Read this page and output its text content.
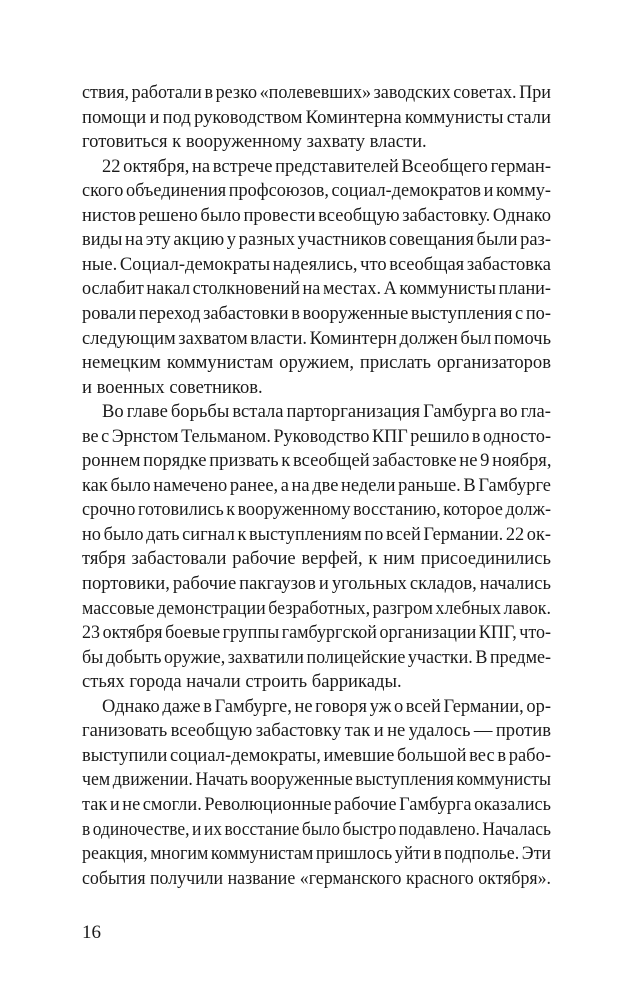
ствия, работали в резко «полевевших» заводских советах. При
помощи и под руководством Коминтерна коммунисты стали
готовиться к вооруженному захвату власти.
22 октября, на встрече представителей Всеобщего герман-
ского объединения профсоюзов, социал-демократов и комму-
нистов решено было провести всеобщую забастовку. Однако
виды на эту акцию у разных участников совещания были раз-
ные. Социал-демократы надеялись, что всеобщая забастовка
ослабит накал столкновений на местах. А коммунисты плани-
ровали переход забастовки в вооруженные выступления с по-
следующим захватом власти. Коминтерн должен был помочь
немецким коммунистам оружием, прислать организаторов
и военных советников.
Во главе борьбы встала парторганизация Гамбурга во гла-
ве с Эрнстом Тельманом. Руководство КПГ решило в односто-
роннем порядке призвать к всеобщей забастовке не 9 ноября,
как было намечено ранее, а на две недели раньше. В Гамбурге
срочно готовились к вооруженному восстанию, которое долж-
но было дать сигнал к выступлениям по всей Германии. 22 ок-
тября забастовали рабочие верфей, к ним присоединились
портовики, рабочие пакгаузов и угольных складов, начались
массовые демонстрации безработных, разгром хлебных лавок.
23 октября боевые группы гамбургской организации КПГ, что-
бы добыть оружие, захватили полицейские участки. В предме-
стьях города начали строить баррикады.
Однако даже в Гамбурге, не говоря уж о всей Германии, ор-
ганизовать всеобщую забастовку так и не удалось — против
выступили социал-демократы, имевшие большой вес в рабо-
чем движении. Начать вооруженные выступления коммунисты
так и не смогли. Революционные рабочие Гамбурга оказались
в одиночестве, и их восстание было быстро подавлено. Началась
реакция, многим коммунистам пришлось уйти в подполье. Эти
события получили название «германского красного октября».
16
